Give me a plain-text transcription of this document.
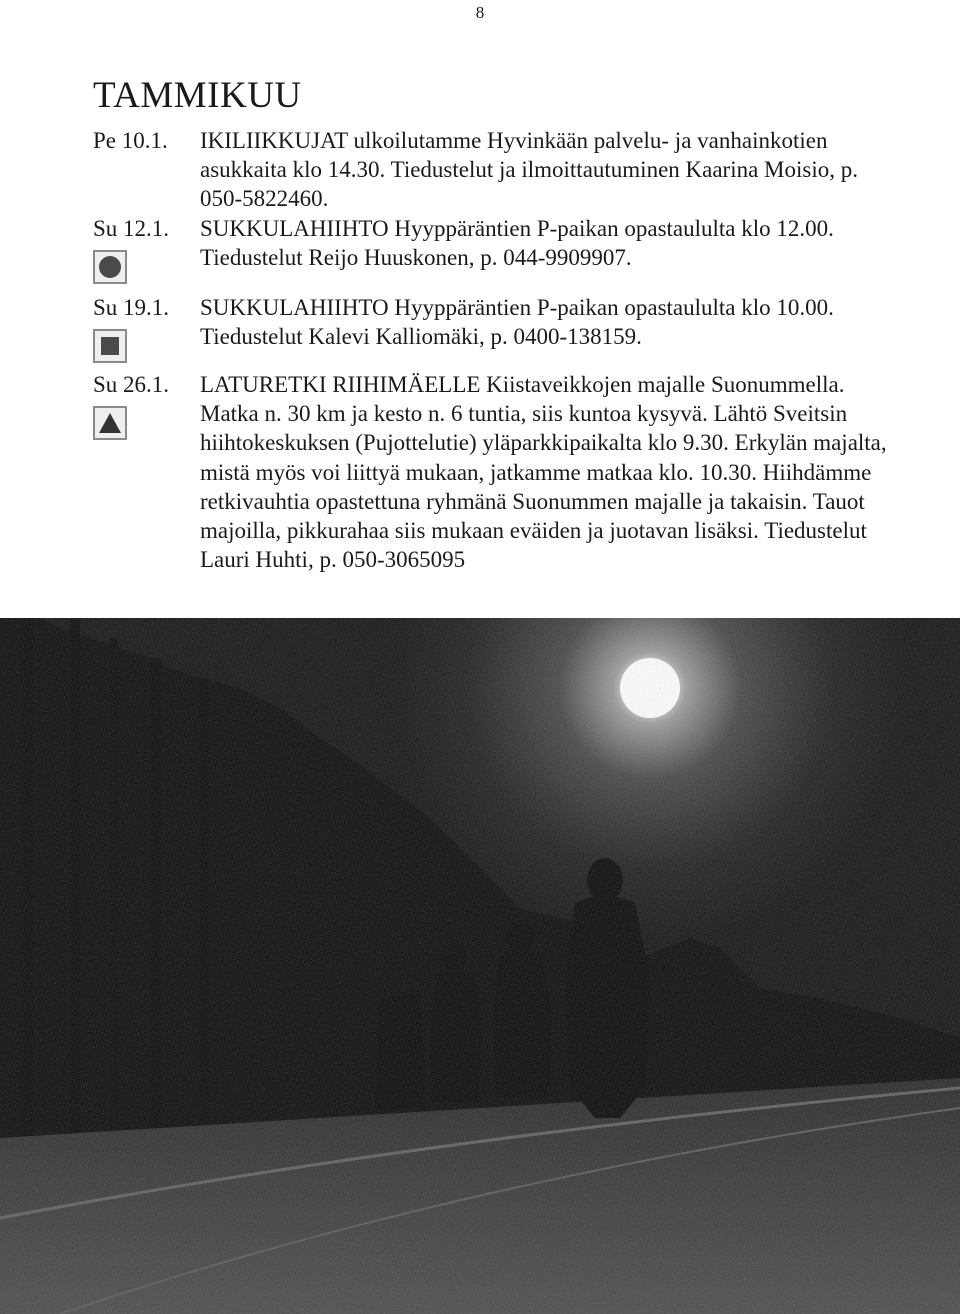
8
TAMMIKUU
Pe 10.1. IKILIIKKUJAT ulkoilutamme Hyvinkään palvelu- ja vanhainkotien asukkaita klo 14.30. Tiedustelut ja ilmoittautuminen Kaarina Moisio, p. 050-5822460.
Su 12.1. SUKKULAHIIHTO Hyyppäräntien P-paikan opastaululta klo 12.00. Tiedustelut Reijo Huuskonen, p. 044-9909907.
Su 19.1. SUKKULAHIIHTO Hyyppäräntien P-paikan opastaululta klo 10.00. Tiedustelut Kalevi Kalliomäki, p. 0400-138159.
Su 26.1. LATURETKI RIIHIMÄELLE Kiistaveikkojen majalle Suonummella. Matka n. 30 km ja kesto n. 6 tuntia, siis kuntoa kysyvä. Lähtö Sveitsin hiihtokeskuksen (Pujottelutie) yläparkkipaikalta klo 9.30. Erkylän majalta, mistä myös voi liittyä mukaan, jatkamme matkaa klo. 10.30. Hiihdämme retkivauhtia opastettuna ryhmänä Suonummen majalle ja takaisin. Tauot majoilla, pikkurahaa siis mukaan eväiden ja juotavan lisäksi. Tiedustelut Lauri Huhti, p. 050-3065095
